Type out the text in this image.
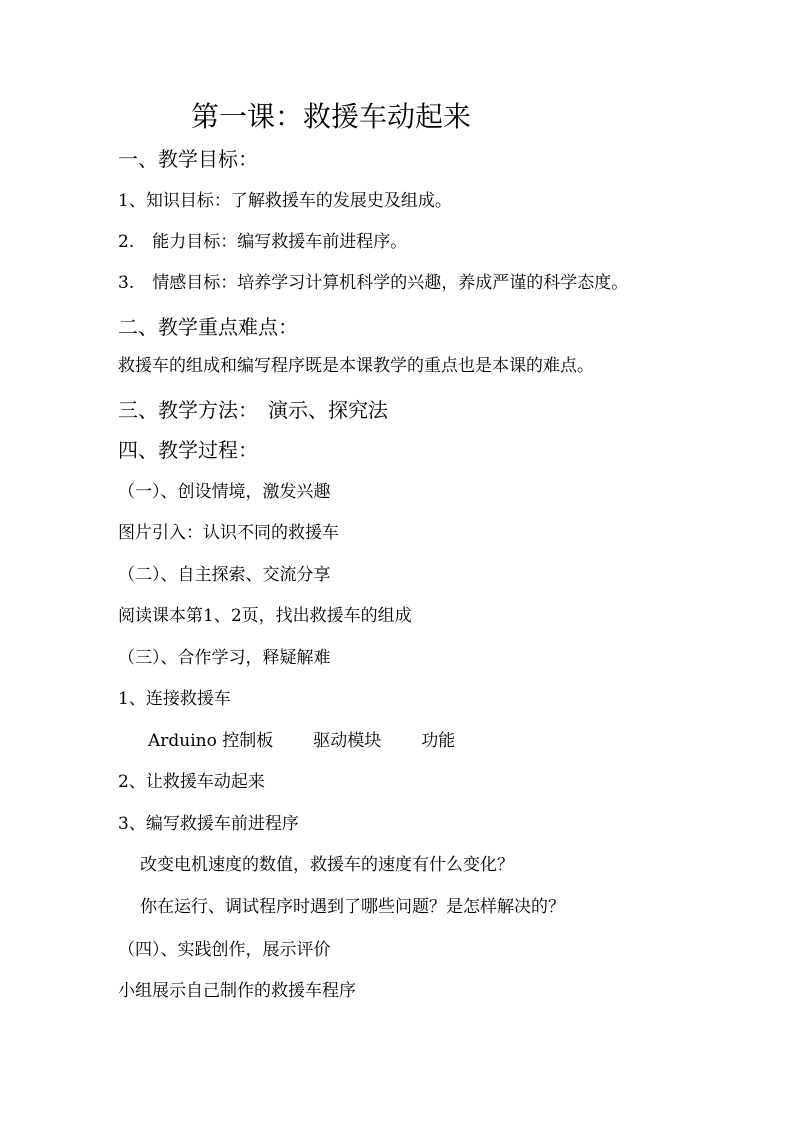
第一课：救援车动起来
一、教学目标：
1、知识目标：了解救援车的发展史及组成。
2. 能力目标：编写救援车前进程序。
3. 情感目标：培养学习计算机科学的兴趣，养成严谨的科学态度。
二、教学重点难点：
救援车的组成和编写程序既是本课教学的重点也是本课的难点。
三、教学方法： 演示、探究法
四、教学过程：
（一）、创设情境，激发兴趣
图片引入：认识不同的救援车
（二）、自主探索、交流分享
阅读课本第1、2页，找出救援车的组成
（三）、合作学习，释疑解难
1、连接救援车
Arduino 控制板 驱动模块 功能
2、让救援车动起来
3、编写救援车前进程序
改变电机速度的数值，救援车的速度有什么变化？
你在运行、调试程序时遇到了哪些问题？是怎样解决的？
（四）、实践创作，展示评价
小组展示自己制作的救援车程序
